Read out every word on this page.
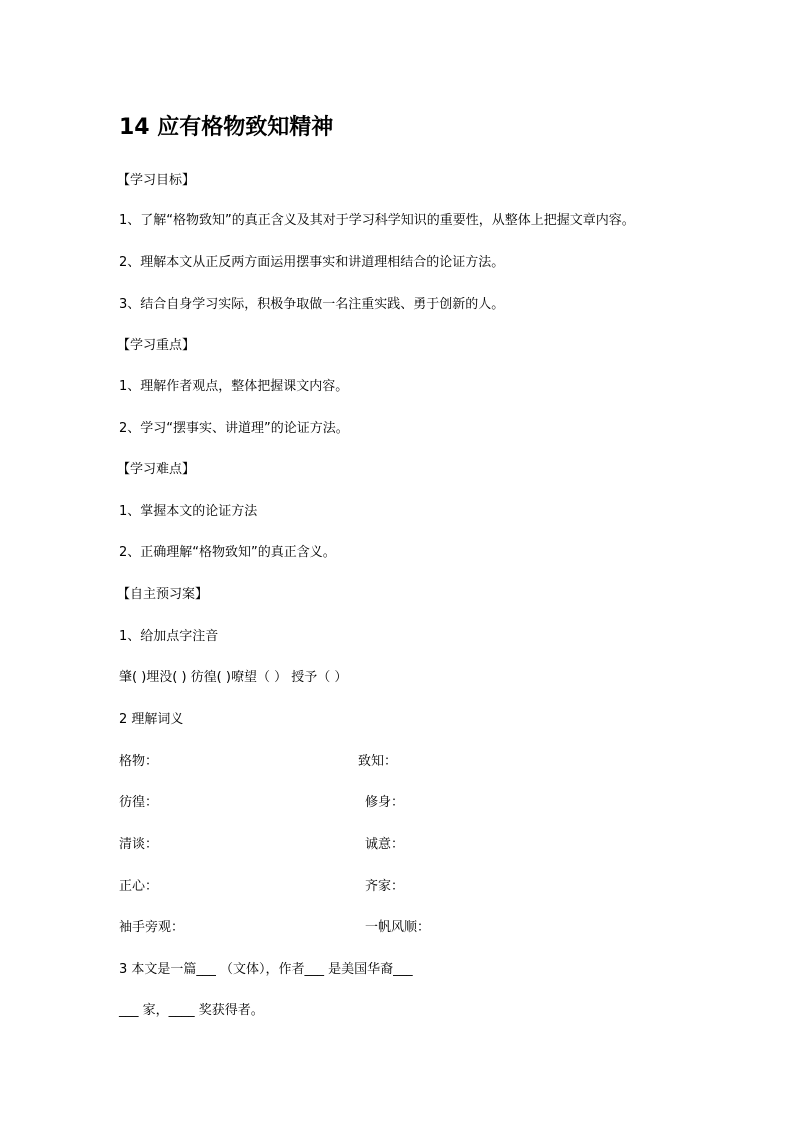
14 应有格物致知精神
【学习目标】
1、了解“格物致知”的真正含义及其对于学习科学知识的重要性，从整体上把握文章内容。
2、理解本文从正反两方面运用摆事实和讲道理相结合的论证方法。
3、结合自身学习实际，积极争取做一名注重实践、勇于创新的人。
【学习重点】
1、理解作者观点，整体把握课文内容。
2、学习“摆事实、讲道理”的论证方法。
【学习难点】
1、掌握本文的论证方法
2、正确理解“格物致知”的真正含义。
【自主预习案】
1、给加点字注音
肇( )埋没( ) 彷徨( )嘹望（ ） 授予（ ）
2 理解词义
格物：	致知：
彷徨：	修身：
清谈：	诚意：
正心：	齐家：
袖手旁观：	一帆风顺：
3 本文是一篇___ （文体），作者___ 是美国华裔___
___ 家，____ 奖获得者。
